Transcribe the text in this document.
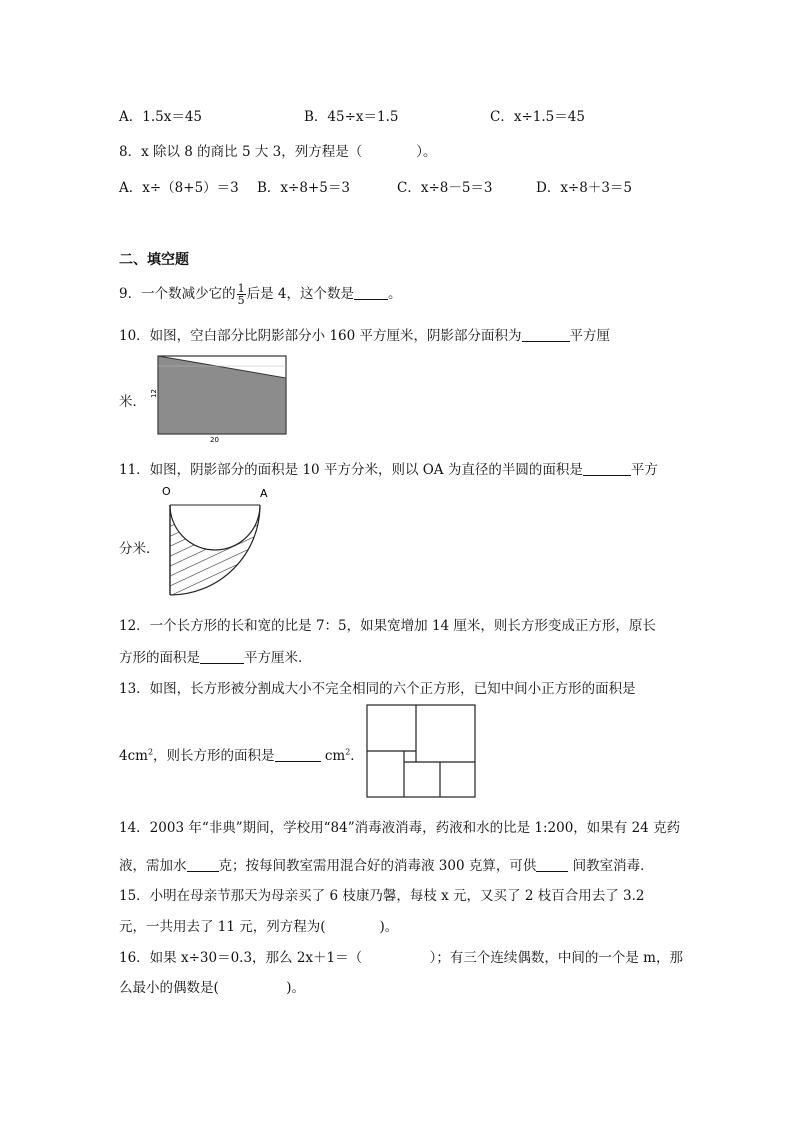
A．1.5x＝45	B．45÷x＝1.5	C．x÷1.5＝45
8．x 除以 8 的商比 5 大 3，列方程是（　　　　）。
A．x÷（8+5）＝3 B．x÷8+5＝3	C．x÷8－5＝3	D．x÷8＋3＝5
二、填空题
9．一个数减少它的 $\frac{1}{5}$ 后是 4，这个数是	。
10．如图，空白部分比阴影部分小 160 平方厘米，阴影部分面积为	平方厘
米．
12
20
11．如图，阴影部分的面积是 10 平方分米，则以 OA 为直径的半圆的面积是	平方
分米．
O	A
12．一个长方形的长和宽的比是 7：5，如果宽增加 14 厘米，则长方形变成正方形，原长
方形的面积是	平方厘米．
13．如图，长方形被分割成大小不完全相同的六个正方形，已知中间小正方形的面积是
$4cm^2$，则长方形的面积是	$cm^2$．
14．2003 年“非典”期间，学校用“84”消毒液消毒，药液和水的比是 1:200，如果有 24 克药
液，需加水 克；按每间教室需用混合好的消毒液 300 克算，可供 间教室消毒．
15．小明在母亲节那天为母亲买了 6 枝康乃馨，每枝 x 元，又买了 2 枝百合用去了 3.2
元，一共用去了 11 元，列方程为(　　　　)。
16．如果 x÷30＝0.3，那么 2x＋1＝（　　　　　）；有三个连续偶数，中间的一个是 m，那
么最小的偶数是(　　　　　)。
